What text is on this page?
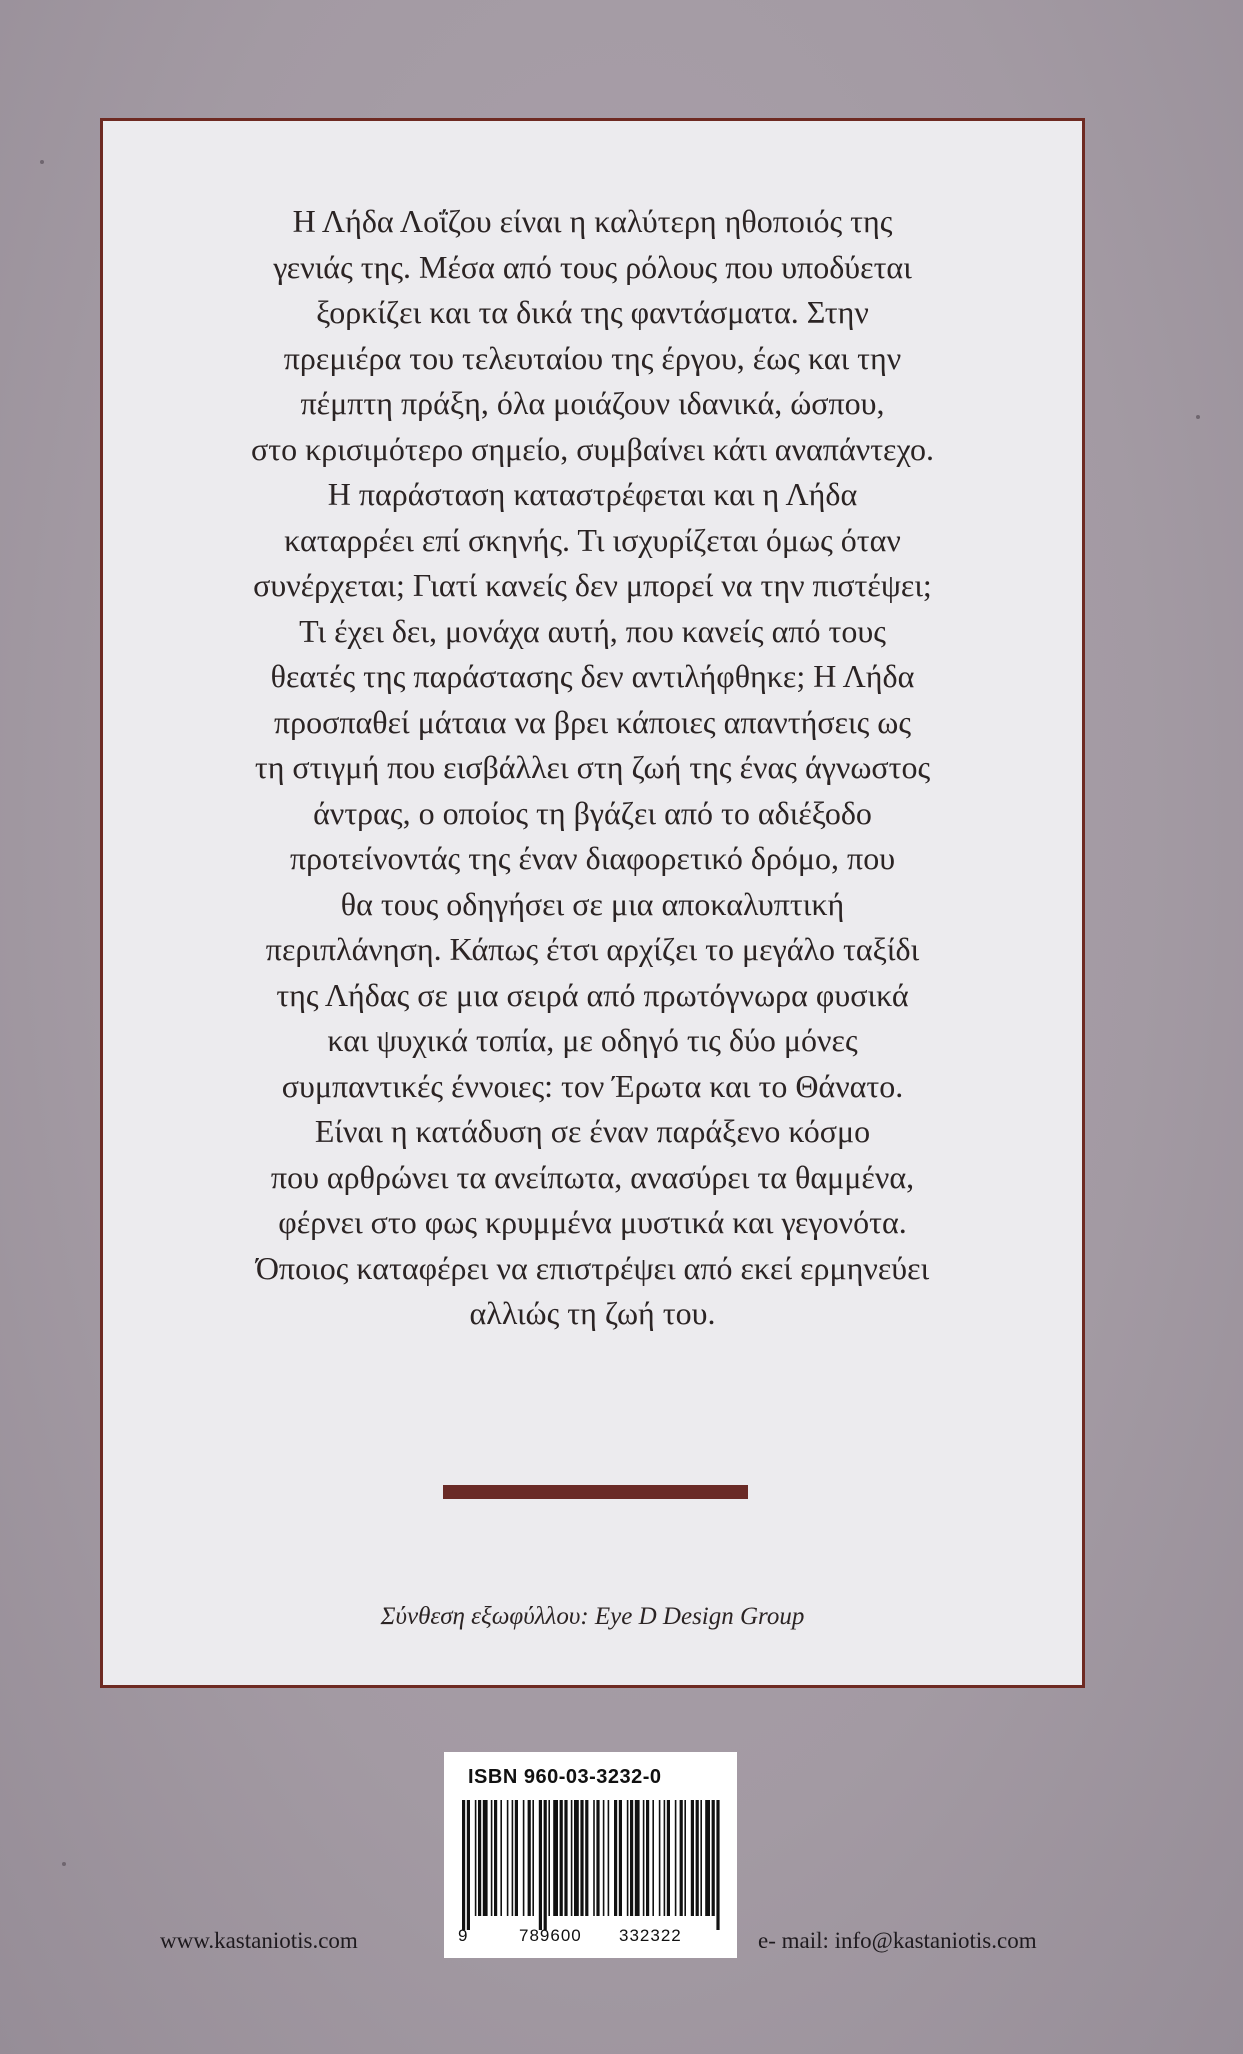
Η Λήδα Λοΐζου είναι η καλύτερη ηθοποιός της
γενιάς της. Μέσα από τους ρόλους που υποδύεται
ξορκίζει και τα δικά της φαντάσματα. Στην
πρεμιέρα του τελευταίου της έργου, έως και την
πέμπτη πράξη, όλα μοιάζουν ιδανικά, ώσπου,
στο κρισιμότερο σημείο, συμβαίνει κάτι αναπάντεχο.
Η παράσταση καταστρέφεται και η Λήδα
καταρρέει επί σκηνής. Τι ισχυρίζεται όμως όταν
συνέρχεται; Γιατί κανείς δεν μπορεί να την πιστέψει;
Τι έχει δει, μονάχα αυτή, που κανείς από τους
θεατές της παράστασης δεν αντιλήφθηκε; Η Λήδα
προσπαθεί μάταια να βρει κάποιες απαντήσεις ως
τη στιγμή που εισβάλλει στη ζωή της ένας άγνωστος
άντρας, ο οποίος τη βγάζει από το αδιέξοδο
προτείνοντάς της έναν διαφορετικό δρόμο, που
θα τους οδηγήσει σε μια αποκαλυπτική
περιπλάνηση. Κάπως έτσι αρχίζει το μεγάλο ταξίδι
της Λήδας σε μια σειρά από πρωτόγνωρα φυσικά
και ψυχικά τοπία, με οδηγό τις δύο μόνες
συμπαντικές έννοιες: τον Έρωτα και το Θάνατο.
Είναι η κατάδυση σε έναν παράξενο κόσμο
που αρθρώνει τα ανείπωτα, ανασύρει τα θαμμένα,
φέρνει στο φως κρυμμένα μυστικά και γεγονότα.
Όποιος καταφέρει να επιστρέψει από εκεί ερμηνεύει
αλλιώς τη ζωή του.
Σύνθεση εξωφύλλου: Eye D Design Group
ISBN 960-03-3232-0
9	789600 332322
www.kastaniotis.com	e- mail: info@kastaniotis.com
